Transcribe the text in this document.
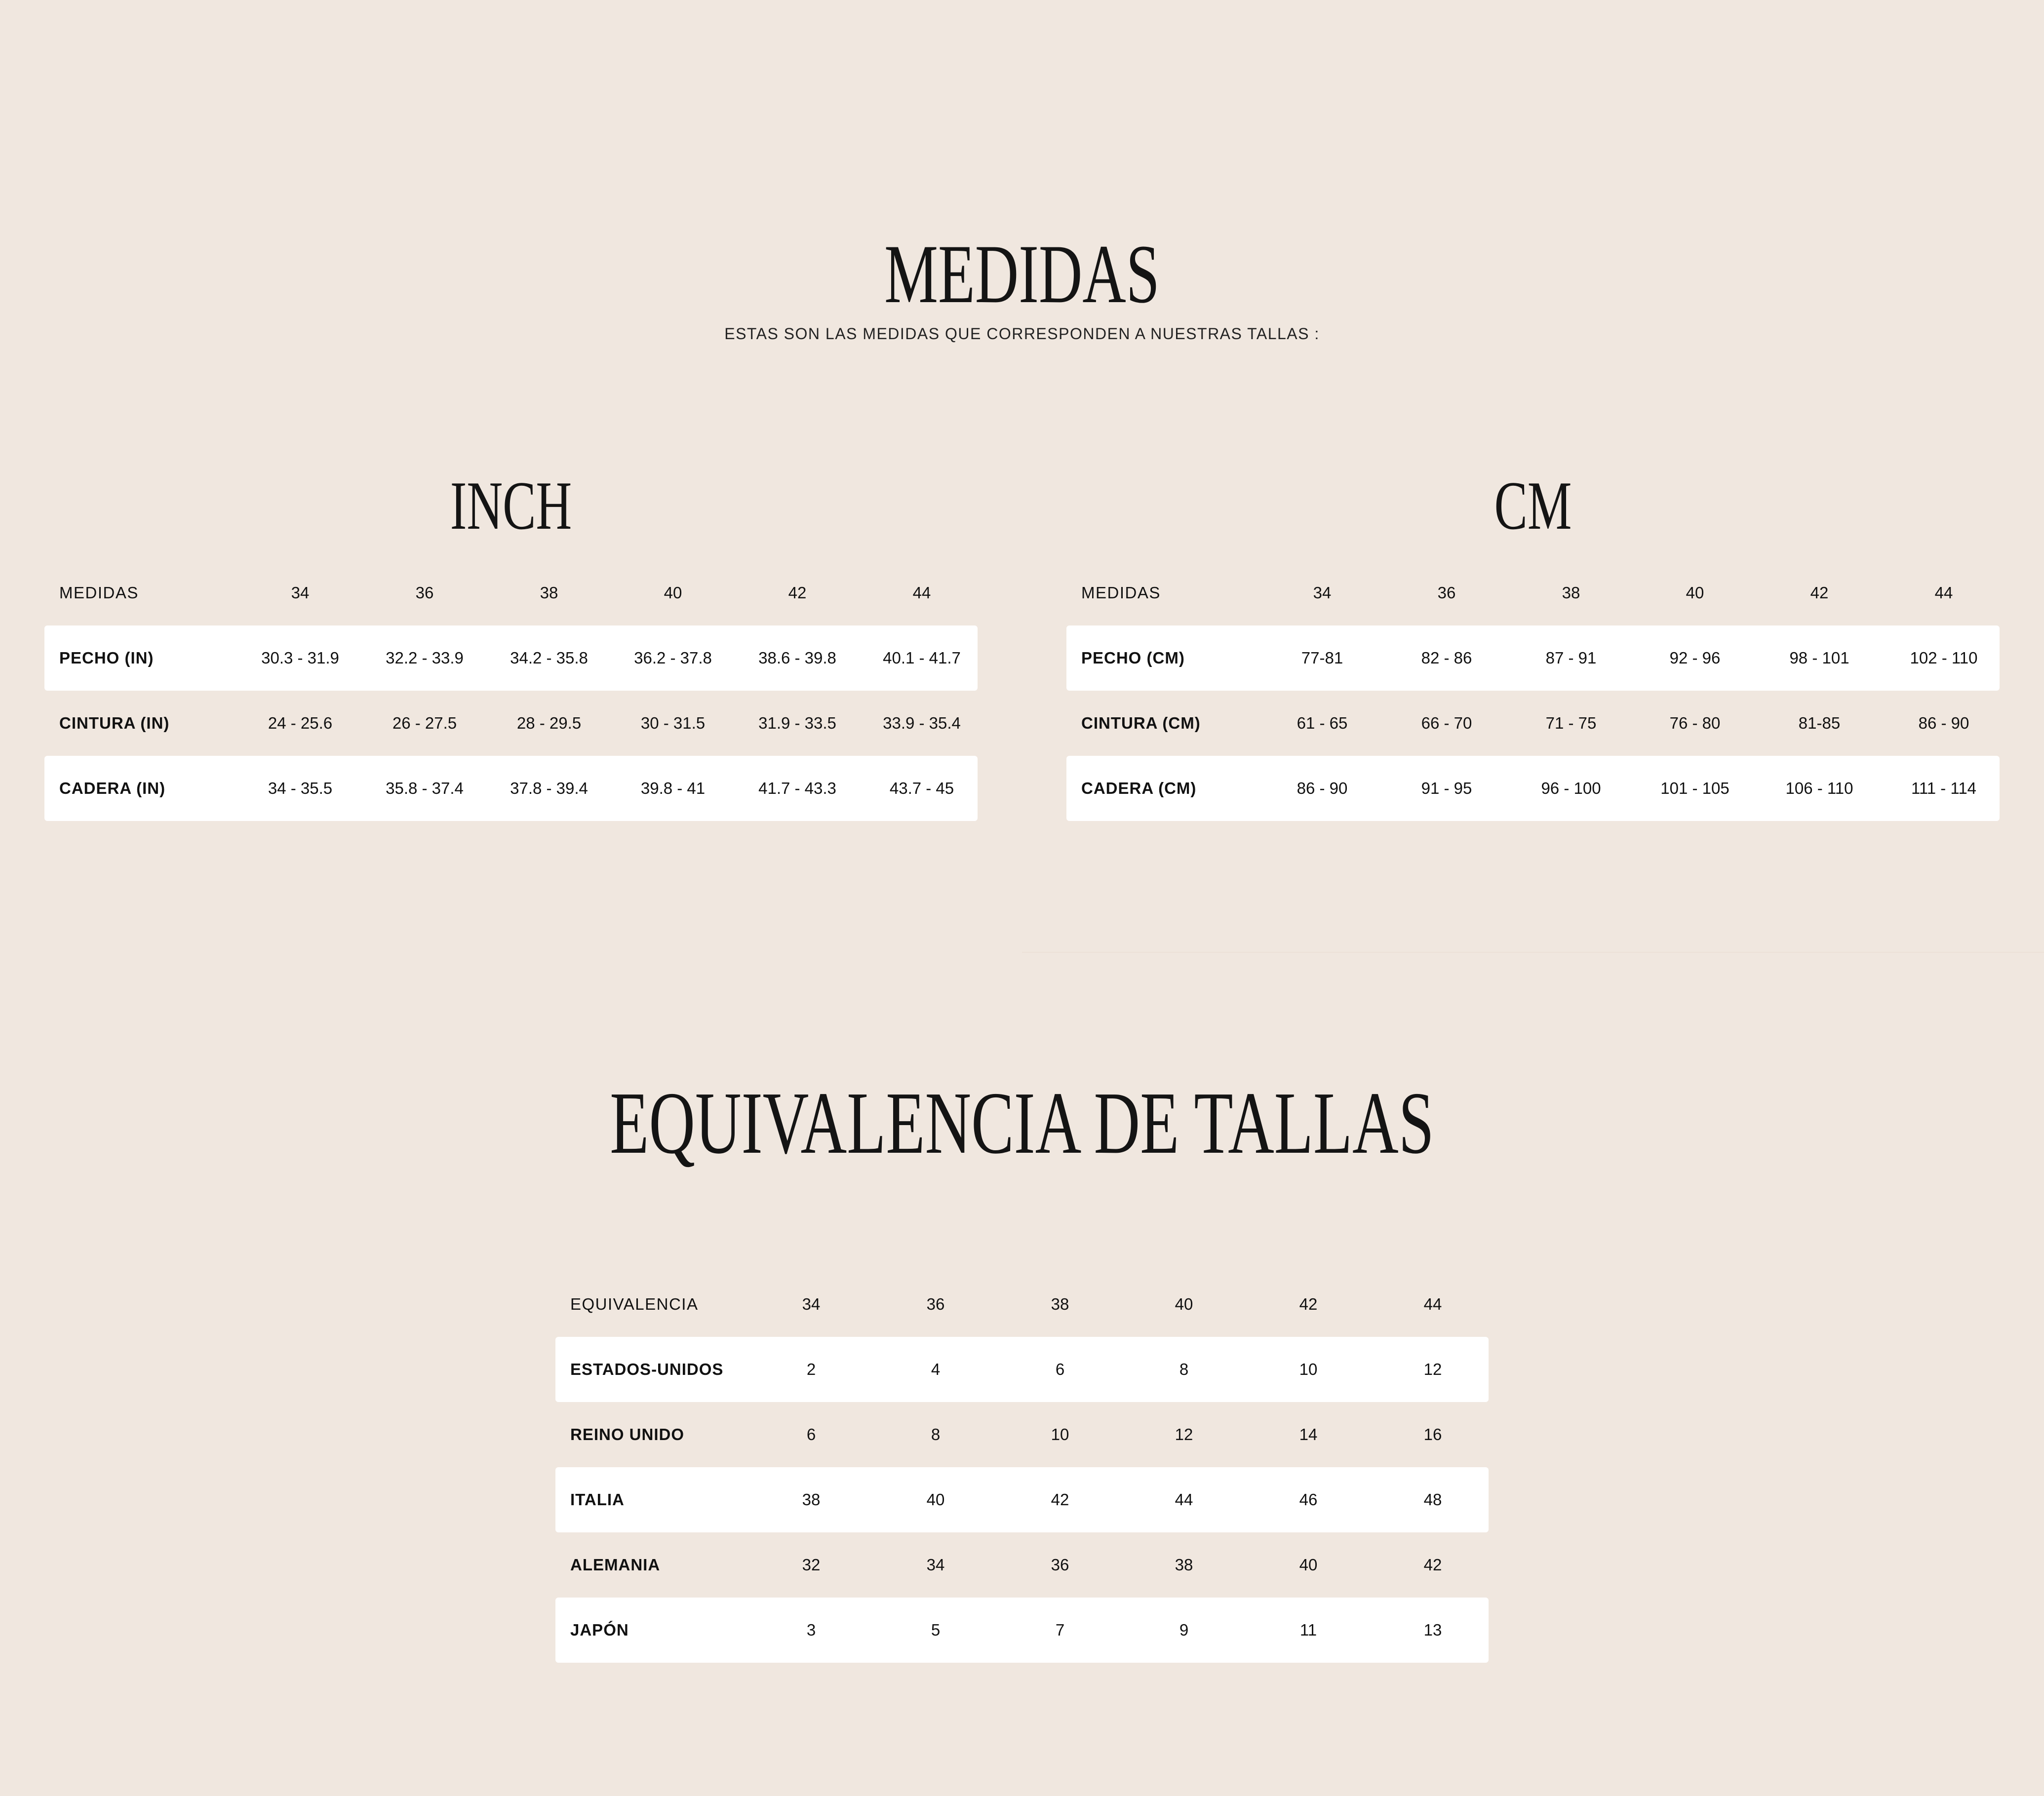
MEDIDAS
ESTAS SON LAS MEDIDAS QUE CORRESPONDEN A NUESTRAS TALLAS :
INCH	CM
MEDIDAS	34	36	38	40	42	44
PECHO (IN)	30.3 - 31.9	32.2 - 33.9	34.2 - 35.8	36.2 - 37.8	38.6 - 39.8	40.1 - 41.7
CINTURA (IN)	24 - 25.6	26 - 27.5	28 - 29.5	30 - 31.5	31.9 - 33.5	33.9 - 35.4
CADERA (IN)	34 - 35.5	35.8 - 37.4	37.8 - 39.4	39.8 - 41	41.7 - 43.3	43.7 - 45
MEDIDAS	34	36	38	40	42	44
PECHO (CM)	77-81	82 - 86	87 - 91	92 - 96	98 - 101	102 - 110
CINTURA (CM)	61 - 65	66 - 70	71 - 75	76 - 80	81-85	86 - 90
CADERA (CM)	86 - 90	91 - 95	96 - 100	101 - 105	106 - 110	111 - 114
EQUIVALENCIA DE TALLAS
EQUIVALENCIA	34	36	38	40	42	44
ESTADOS-UNIDOS	2	4	6	8	10	12
REINO UNIDO	6	8	10	12	14	16
ITALIA	38	40	42	44	46	48
ALEMANIA	32	34	36	38	40	42
JAPÓN	3	5	7	9	11	13
